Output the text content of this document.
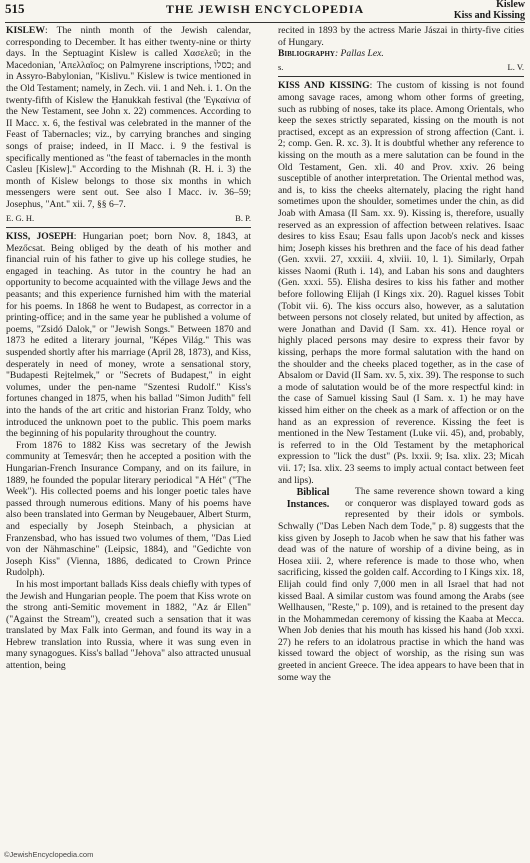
515	THE JEWISH ENCYCLOPEDIA	Kislew
Kiss and Kissing

KISLEW: The ninth month of the Jewish calendar, corresponding to December. It has either twenty-nine or thirty days. In the Septuagint Kislew is called Χασελεῦ; in the Macedonian, 'Απελλαῖος; on Palmyrene inscriptions, כסלו; and in Assyro-Babylonian, "Kislivu." Kislew is twice mentioned in the Old Testament; namely, in Zech. vii. 1 and Neh. i. 1. On the twenty-fifth of Kislew the Ḥanukkah festival (the 'Εγκαίνια of the New Testament, see John x. 22) commences. According to II Macc. x. 6, the festival was celebrated in the manner of the Feast of Tabernacles; viz., by carrying branches and singing songs of praise; indeed, in II Macc. i. 9 the festival is specifically mentioned as "the feast of tabernacles in the month Casleu [Kislew]." According to the Mishnah (R. H. i. 3) the month of Kislew belongs to those six months in which messengers were sent out. See also I Macc. iv. 36–59; Josephus, "Ant." xii. 7, §§ 6–7.

E. G. H.	B. P.

KISS, JOSEPH: Hungarian poet; born Nov. 8, 1843, at Mezőcsat. Being obliged by the death of his mother and financial ruin of his father to give up his college studies, he engaged in teaching. As tutor in the country he had an opportunity to become acquainted with the village Jews and the peasants; and this experience furnished him with the material for his poems. In 1868 he went to Budapest, as corrector in a printing-office; and in the same year he published a volume of poems, "Zsidó Dalok," or "Jewish Songs." Between 1870 and 1873 he edited a literary journal, "Képes Világ." This was suspended shortly after his marriage (April 28, 1873), and Kiss, desperately in need of money, wrote a sensational story, "Budapesti Rejtelmek," or "Secrets of Budapest," in eight volumes, under the pen-name "Szentesi Rudolf." Kiss's fortunes changed in 1875, when his ballad "Simon Judith" fell into the hands of the art critic and historian Franz Toldy, who introduced the unknown poet to the public. This poem marks the beginning of his popularity throughout the country.

From 1876 to 1882 Kiss was secretary of the Jewish community at Temesvár; then he accepted a position with the Hungarian-French Insurance Company, and on its failure, in 1889, he founded the popular literary periodical "A Hét" ("The Week"). His collected poems and his longer poetic tales have passed through numerous editions. Many of his poems have also been translated into German by Neugebauer, Albert Sturm, and especially by Joseph Steinbach, a physician at Franzensbad, who has issued two volumes of them, "Das Lied von der Nähmaschine" (Leipsic, 1884), and "Gedichte von Joseph Kiss" (Vienna, 1886, dedicated to Crown Prince Rudolph).

In his most important ballads Kiss deals chiefly with types of the Jewish and Hungarian people. The poem that Kiss wrote on the strong anti-Semitic movement in 1882, "Az ár Ellen" ("Against the Stream"), created such a sensation that it was translated by Max Falk into German, and found its way in a Hebrew translation into Russia, where it was sung even in many synagogues. Kiss's ballad "Jehova" also attracted unusual attention, being

recited in 1893 by the actress Marie Jászai in thirty-five cities of Hungary.

Bibliography: Pallas Lex.

s.	L. V.

KISS AND KISSING: The custom of kissing is not found among savage races, among whom other forms of greeting, such as rubbing of noses, take its place. Among Orientals, who keep the sexes strictly separated, kissing on the mouth is not practised, except as an expression of strong affection (Cant. i. 2; comp. Gen. R. xc. 3). It is doubtful whether any reference to kissing on the mouth as a mere salutation can be found in the Old Testament, Gen. xli. 40 and Prov. xxiv. 26 being susceptible of another interpretation. The Oriental method was, and is, to kiss the cheeks alternately, placing the right hand sometimes upon the shoulder, sometimes under the chin, as did Joab with Amasa (II Sam. xx. 9). Kissing is, therefore, usually reserved as an expression of affection between relatives. Isaac desires to kiss Esau; Esau falls upon Jacob's neck and kisses him; Joseph kisses his brethren and the face of his dead father (Gen. xxvii. 27, xxxiii. 4, xlviii. 10, l. 1). Similarly, Orpah kisses Naomi (Ruth i. 14), and Laban his sons and daughters (Gen. xxxi. 55). Elisha desires to kiss his father and mother before following Elijah (I Kings xix. 20). Raguel kisses Tobit (Tobit vii. 6). The kiss occurs also, however, as a salutation between persons not closely related, but united by affection, as were Jonathan and David (I Sam. xx. 41). Hence royal or highly placed persons may desire to express their favor by kissing, perhaps the more formal salutation with the hand on the shoulder and the cheeks placed together, as in the case of Absalom or David (II Sam. xv. 5, xix. 39). The response to such a mode of salutation would be of the more respectful kind: in the case of Samuel kissing Saul (I Sam. x. 1) he may have kissed him either on the cheek as a mark of affection or on the hand as an expression of reverence. Kissing the feet is mentioned in the New Testament (Luke vii. 45), and, probably, is referred to in the Old Testament by the metaphorical expression to "lick the dust" (Ps. lxxii. 9; Isa. xlix. 23; Micah vii. 17; Isa. xlix. 23 seems to imply actual contact between feet and lips).

Biblical
Instances.
The same reverence shown toward a king or conqueror was displayed toward gods as represented by their idols or symbols. Schwally ("Das Leben Nach dem Tode," p. 8) suggests that the kiss given by Joseph to Jacob when he saw that his father was dead was of the nature of worship of a divine being, as in Hosea xiii. 2, where reference is made to those who, when sacrificing, kissed the golden calf. According to I Kings xix. 18, Elijah could find only 7,000 men in all Israel that had not kissed Baal. A similar custom was found among the Arabs (see Wellhausen, "Reste," p. 109), and is retained to the present day in the Mohammedan ceremony of kissing the Kaaba at Mecca. When Job denies that his mouth has kissed his hand (Job xxxi. 27) he refers to an idolatrous practise in which the hand was kissed toward the object of worship, as the rising sun was greeted in ancient Greece. The idea appears to have been that in some way the

©JewishEncyclopedia.com
